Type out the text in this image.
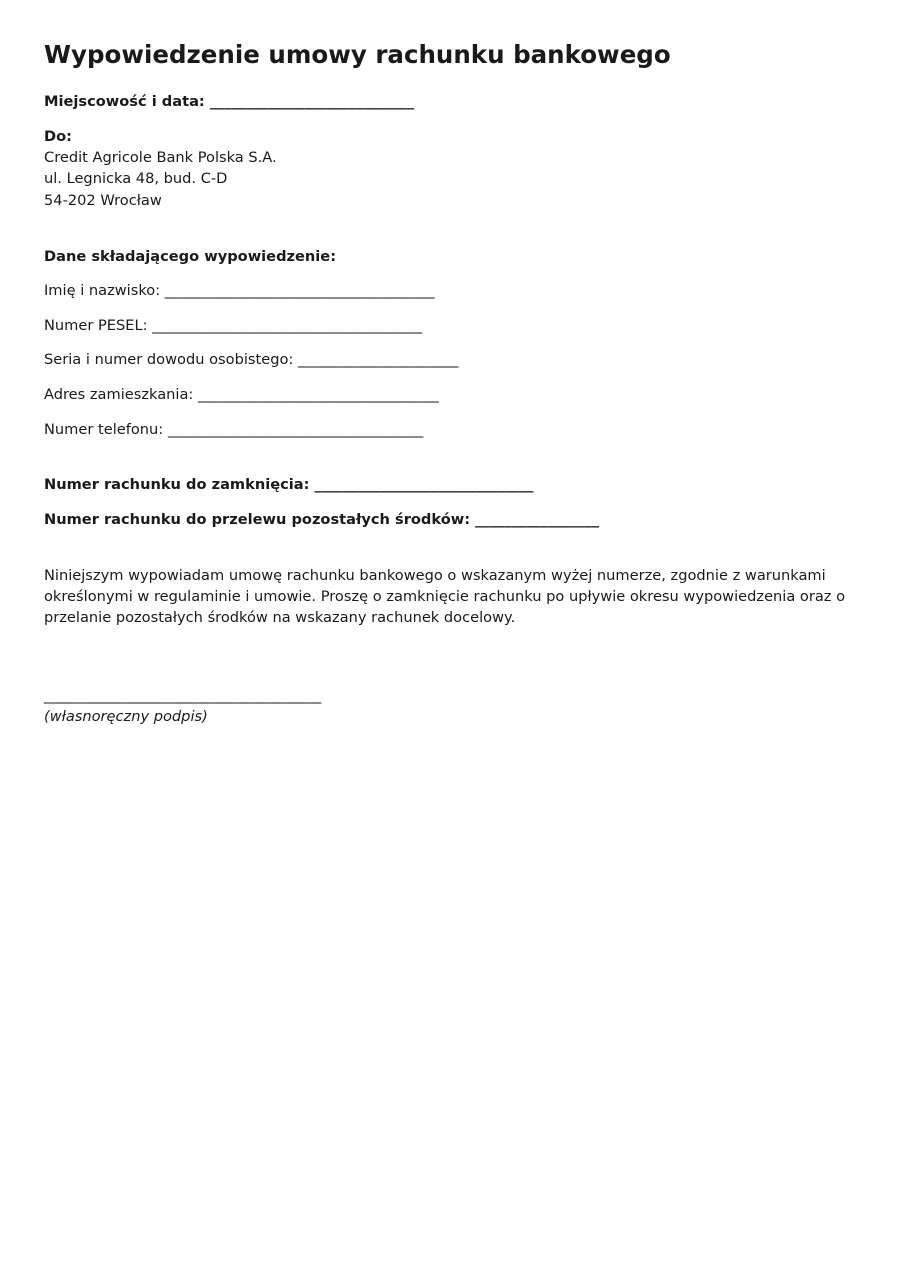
Wypowiedzenie umowy rachunku bankowego

Miejscowość i data: ____________________________

Do:

Credit Agricole Bank Polska S.A.

ul. Legnicka 48, bud. C-D

54-202 Wrocław

Dane składającego wypowiedzenie:

Imię i nazwisko: _____________________________________

Numer PESEL: _____________________________________

Seria i numer dowodu osobistego: ______________________

Adres zamieszkania: _________________________________

Numer telefonu: ___________________________________

Numer rachunku do zamknięcia: ______________________________

Numer rachunku do przelewu pozostałych środków: _________________

Niniejszym wypowiadam umowę rachunku bankowego o wskazanym wyżej numerze, zgodnie z warunkami określonymi w regulaminie i umowie. Proszę o zamknięcie rachunku po upływie okresu wypowiedzenia oraz o przelanie pozostałych środków na wskazany rachunek docelowy.

______________________________________

(własnoręczny podpis)
